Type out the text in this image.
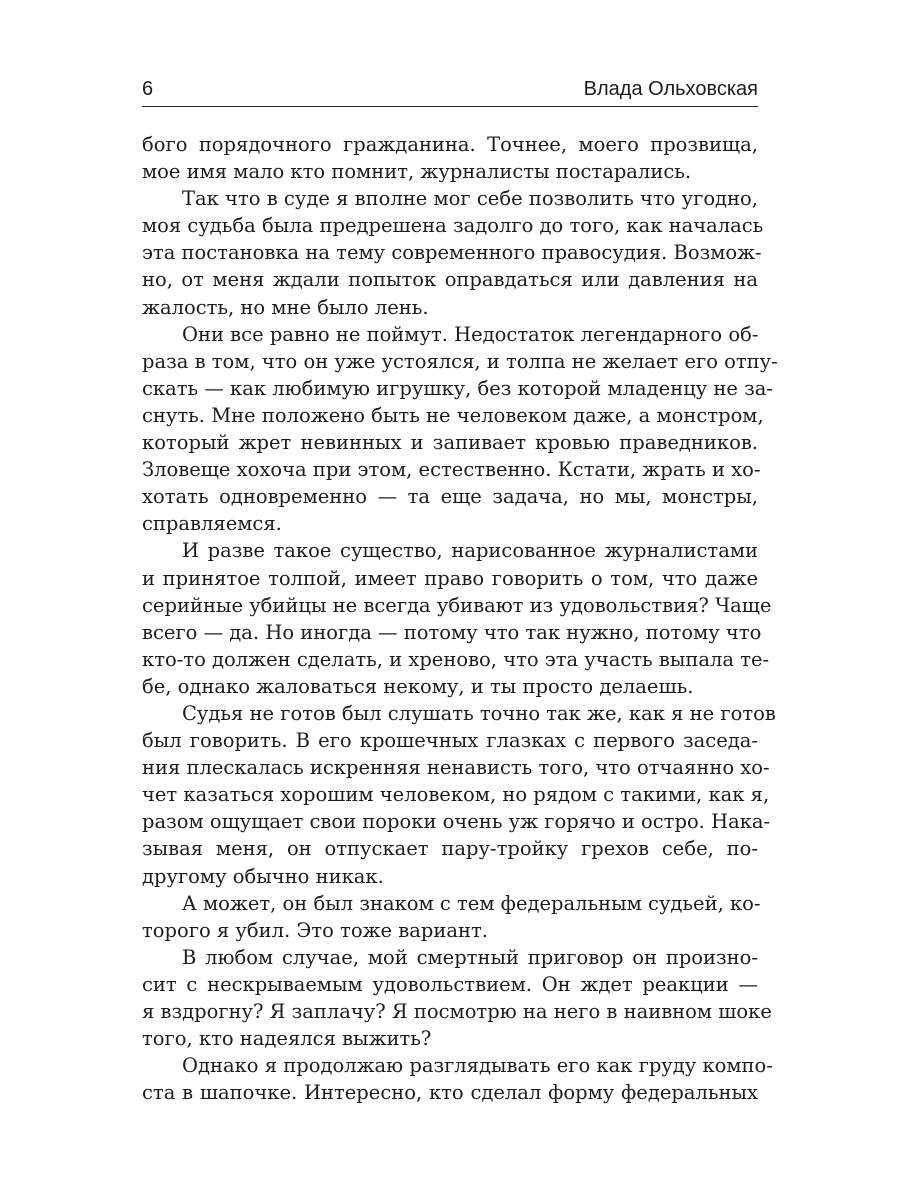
6	Влада Ольховская
бого порядочного гражданина. Точнее, моего прозвища,
мое имя мало кто помнит, журналисты постарались.
Так что в суде я вполне мог себе позволить что угодно,
моя судьба была предрешена задолго до того, как началась
эта постановка на тему современного правосудия. Возмож-
но, от меня ждали попыток оправдаться или давления на
жалость, но мне было лень.
Они все равно не поймут. Недостаток легендарного об-
раза в том, что он уже устоялся, и толпа не желает его отпу-
скать — как любимую игрушку, без которой младенцу не за-
снуть. Мне положено быть не человеком даже, а монстром,
который жрет невинных и запивает кровью праведников.
Зловеще хохоча при этом, естественно. Кстати, жрать и хо-
хотать одновременно — та еще задача, но мы, монстры,
справляемся.
И разве такое существо, нарисованное журналистами
и принятое толпой, имеет право говорить о том, что даже
серийные убийцы не всегда убивают из удовольствия? Чаще
всего — да. Но иногда — потому что так нужно, потому что
кто-то должен сделать, и хреново, что эта участь выпала те-
бе, однако жаловаться некому, и ты просто делаешь.
Судья не готов был слушать точно так же, как я не готов
был говорить. В его крошечных глазках с первого заседа-
ния плескалась искренняя ненависть того, что отчаянно хо-
чет казаться хорошим человеком, но рядом с такими, как я,
разом ощущает свои пороки очень уж горячо и остро. Нака-
зывая меня, он отпускает пару-тройку грехов себе, по-
другому обычно никак.
А может, он был знаком с тем федеральным судьей, ко-
торого я убил. Это тоже вариант.
В любом случае, мой смертный приговор он произно-
сит с нескрываемым удовольствием. Он ждет реакции —
я вздрогну? Я заплачу? Я посмотрю на него в наивном шоке
того, кто надеялся выжить?
Однако я продолжаю разглядывать его как груду компо-
ста в шапочке. Интересно, кто сделал форму федеральных
